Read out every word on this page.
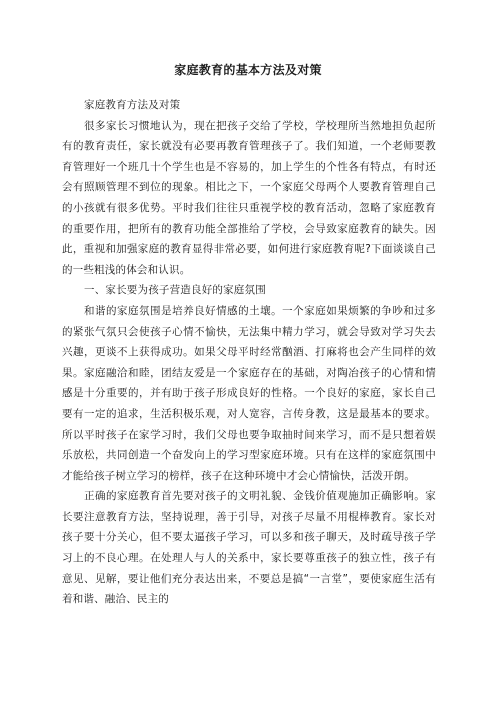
家庭教育的基本方法及对策

家庭教育方法及对策

很多家长习惯地认为，现在把孩子交给了学校，学校理所当然地担负起所有的教育责任，家长就没有必要再教育管理孩子了。我们知道，一个老师要教育管理好一个班几十个学生也是不容易的，加上学生的个性各有特点，有时还会有照顾管理不到位的现象。相比之下，一个家庭父母两个人要教育管理自己的小孩就有很多优势。平时我们往往只重视学校的教育活动，忽略了家庭教育的重要作用，把所有的教育功能全部推给了学校，会导致家庭教育的缺失。因此，重视和加强家庭的教育显得非常必要，如何进行家庭教育呢?下面谈谈自己的一些粗浅的体会和认识。

一、家长要为孩子营造良好的家庭氛围

和谐的家庭氛围是培养良好情感的土壤。一个家庭如果烦繁的争吵和过多的紧张气氛只会使孩子心情不愉快，无法集中精力学习，就会导致对学习失去兴趣，更谈不上获得成功。如果父母平时经常酗酒、打麻将也会产生同样的效果。家庭融洽和睦，团结友爱是一个家庭存在的基础，对陶冶孩子的心情和情感是十分重要的，并有助于孩子形成良好的性格。一个良好的家庭，家长自己要有一定的追求，生活积极乐观，对人宽容，言传身教，这是最基本的要求。所以平时孩子在家学习时，我们父母也要争取抽时间来学习，而不是只想着娱乐放松，共同创造一个奋发向上的学习型家庭环境。只有在这样的家庭氛围中才能给孩子树立学习的榜样，孩子在这种环境中才会心情愉快，活泼开朗。

正确的家庭教育首先要对孩子的文明礼貌、金钱价值观施加正确影响。家长要注意教育方法，坚持说理，善于引导，对孩子尽量不用棍棒教育。家长对孩子要十分关心，但不要太逼孩子学习，可以多和孩子聊天，及时疏导孩子学习上的不良心理。在处理人与人的关系中，家长要尊重孩子的独立性，孩子有意见、见解，要让他们充分表达出来，不要总是搞“一言堂”，要使家庭生活有着和谐、融洽、民主的
